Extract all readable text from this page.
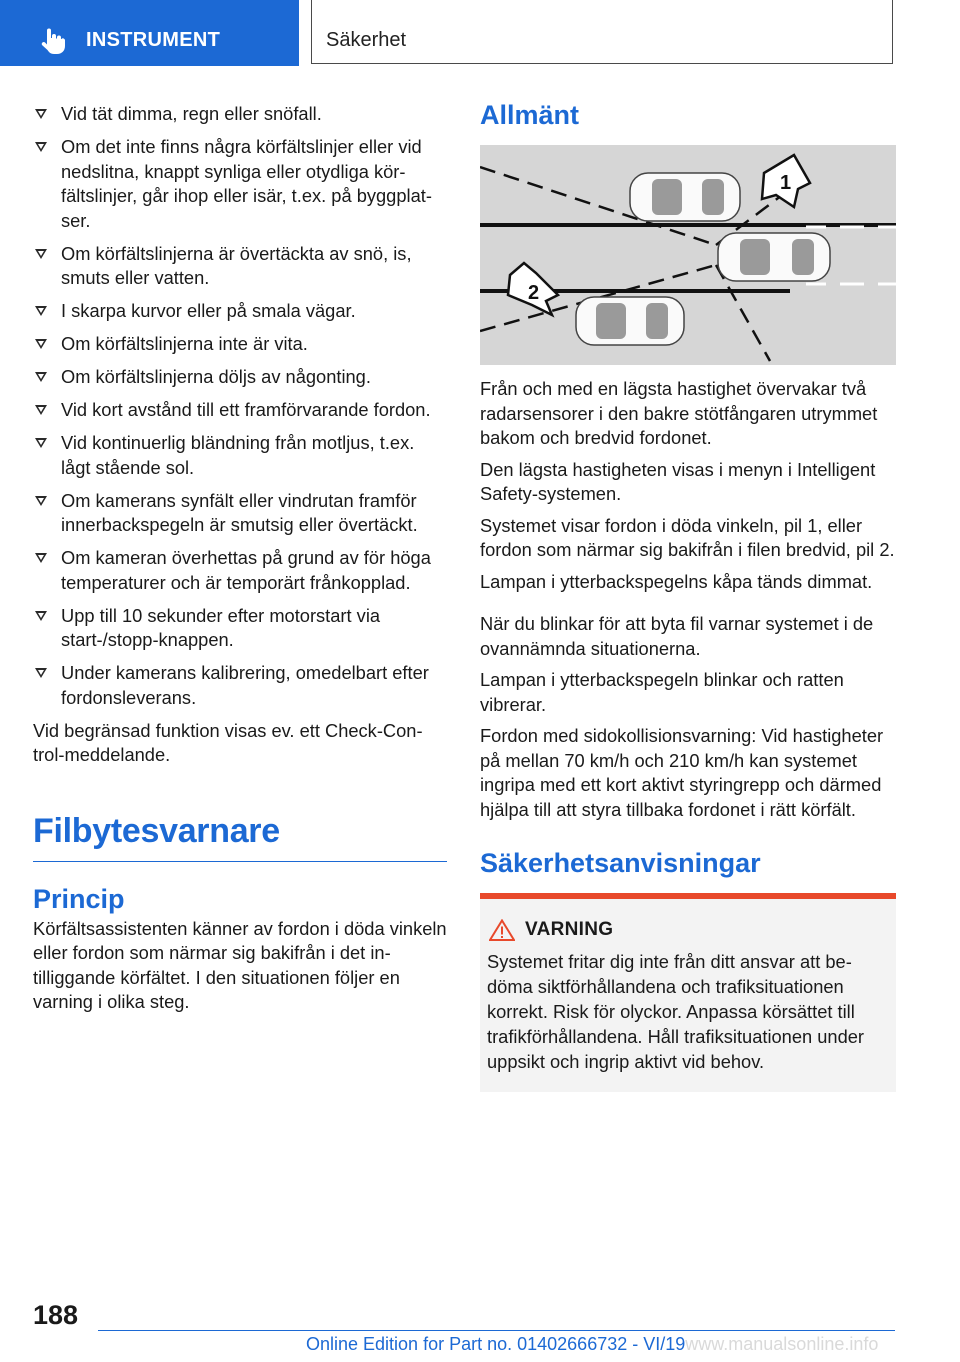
INSTRUMENT	Säkerhet
Vid tät dimma, regn eller snöfall.
Om det inte finns några körfältslinjer eller vid nedslitna, knappt synliga eller otydliga körfältslinjer, går ihop eller isär, t.ex. på byggplatser.
Om körfältslinjerna är övertäckta av snö, is, smuts eller vatten.
I skarpa kurvor eller på smala vägar.
Om körfältslinjerna inte är vita.
Om körfältslinjerna döljs av någonting.
Vid kort avstånd till ett framförvarande fordon.
Vid kontinuerlig bländning från motljus, t.ex. lågt stående sol.
Om kamerans synfält eller vindrutan framför innerbackspegeln är smutsig eller övertäckt.
Om kameran överhettas på grund av för höga temperaturer och är temporärt frånkopplad.
Upp till 10 sekunder efter motorstart via start-/stopp-knappen.
Under kamerans kalibrering, omedelbart efter fordonsleverans.

Vid begränsad funktion visas ev. ett Check-Control-meddelande.

Filbytesvarnare
Princip

Körfältsassistenten känner av fordon i döda vinkeln eller fordon som närmar sig bakifrån i det intilliggande körfältet. I den situationen följer en varning i olika steg.

Allmänt
1
2

Från och med en lägsta hastighet övervakar två radarsensorer i den bakre stötfångaren utrymmet bakom och bredvid fordonet.

Den lägsta hastigheten visas i menyn i Intelligent Safety-systemen.

Systemet visar fordon i döda vinkeln, pil 1, eller fordon som närmar sig bakifrån i filen bredvid, pil 2.

Lampan i ytterbackspegelns kåpa tänds dimmat.

När du blinkar för att byta fil varnar systemet i de ovannämnda situationerna.

Lampan i ytterbackspegeln blinkar och ratten vibrerar.

Fordon med sidokollisionsvarning: Vid hastigheter på mellan 70 km/h och 210 km/h kan systemet ingripa med ett kort aktivt styringrepp och därmed hjälpa till att styra tillbaka fordonet i rätt körfält.

Säkerhetsanvisningar
VARNING

Systemet fritar dig inte från ditt ansvar att bedöma siktförhållandena och trafiksituationen korrekt. Risk för olyckor. Anpassa körsättet till trafikförhållandena. Håll trafiksituationen under uppsikt och ingrip aktivt vid behov.

188
Online Edition for Part no. 01402666732 - VI/19www.manualsonline.info
